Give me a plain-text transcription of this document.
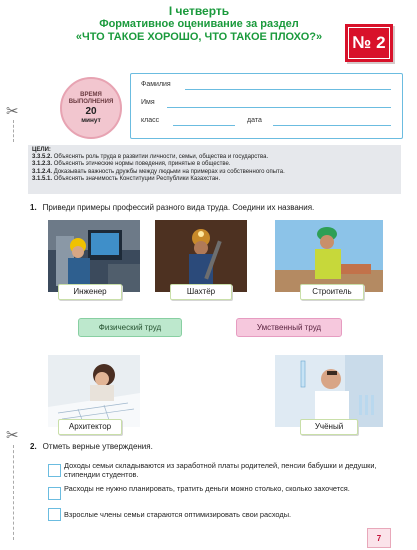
I четверть
Формативное оценивание за раздел
«ЧТО ТАКОЕ ХОРОШО, ЧТО ТАКОЕ ПЛОХО?»	№ 2
✂
✂
ВРЕМЯ
ВЫПОЛНЕНИЯ
20
минут
Фамилия
Имя
класс	дата
ЦЕЛИ:
3.3.5.2. Объяснять роль труда в развитии личности, семьи, общества и государства.
3.1.2.3. Объяснять этические нормы поведения, принятые в обществе.
3.1.2.4. Доказывать важность дружбы между людьми на примерах из собственного опыта.
3.1.5.1. Объяснять значимость Конституции Республики Казахстан.
1. Приведи примеры профессий разного вида труда. Соедини их названия.
Инженер	Шахтёр	Строитель
Физический труд	Умственный труд
Архитектор	Учёный
2. Отметь верные утверждения.
Доходы семьи складываются из заработной платы родителей, пенсии бабушки и дедушки, стипендии студентов.
Расходы не нужно планировать, тратить деньги можно столько, сколько захочется.
Взрослые члены семьи стараются оптимизировать свои расходы.
7
